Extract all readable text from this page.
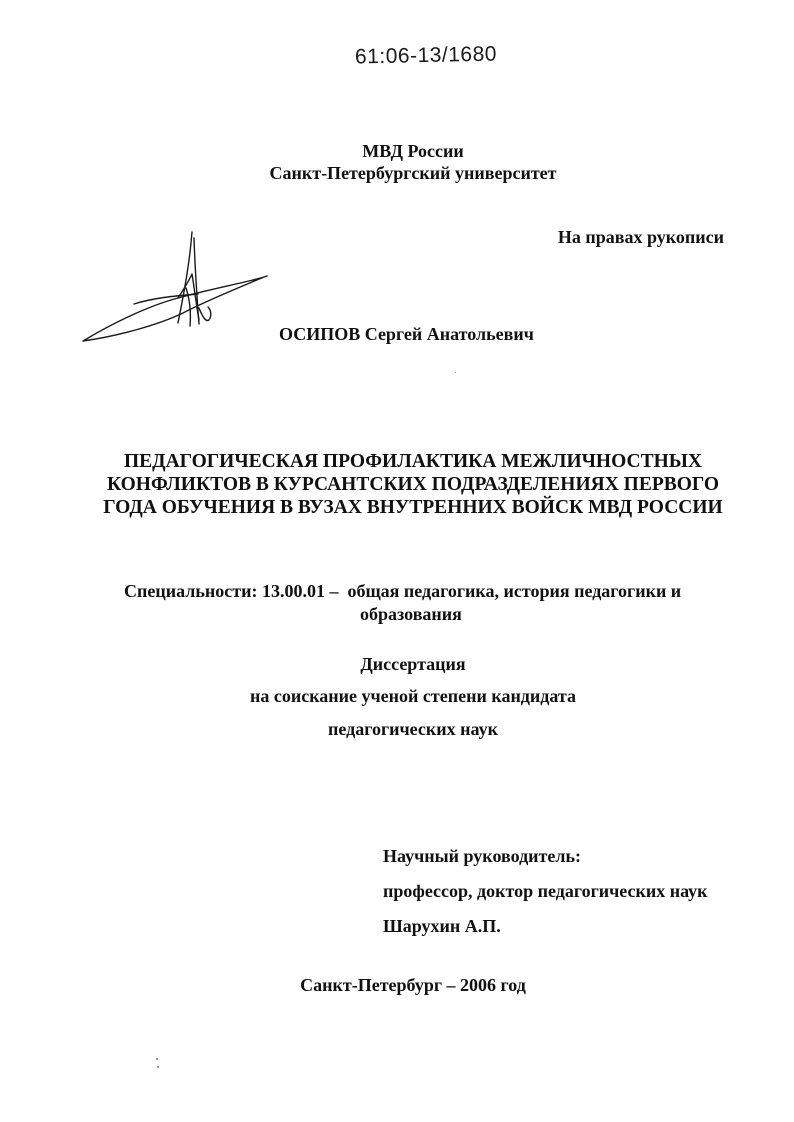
61:06-13/1680
МВД России
Санкт-Петербургский университет
На правах рукописи
ОСИПОВ Сергей Анатольевич
ПЕДАГОГИЧЕСКАЯ ПРОФИЛАКТИКА МЕЖЛИЧНОСТНЫХ
КОНФЛИКТОВ В КУРСАНТСКИХ ПОДРАЗДЕЛЕНИЯХ ПЕРВОГО
ГОДА ОБУЧЕНИЯ В ВУЗАХ ВНУТРЕННИХ ВОЙСК МВД РОССИИ
Специальности: 13.00.01 – общая педагогика, история педагогики и
образования
Диссертация
на соискание ученой степени кандидата
педагогических наук
Научный руководитель:
профессор, доктор педагогических наук
Шарухин А.П.
Санкт-Петербург – 2006 год
